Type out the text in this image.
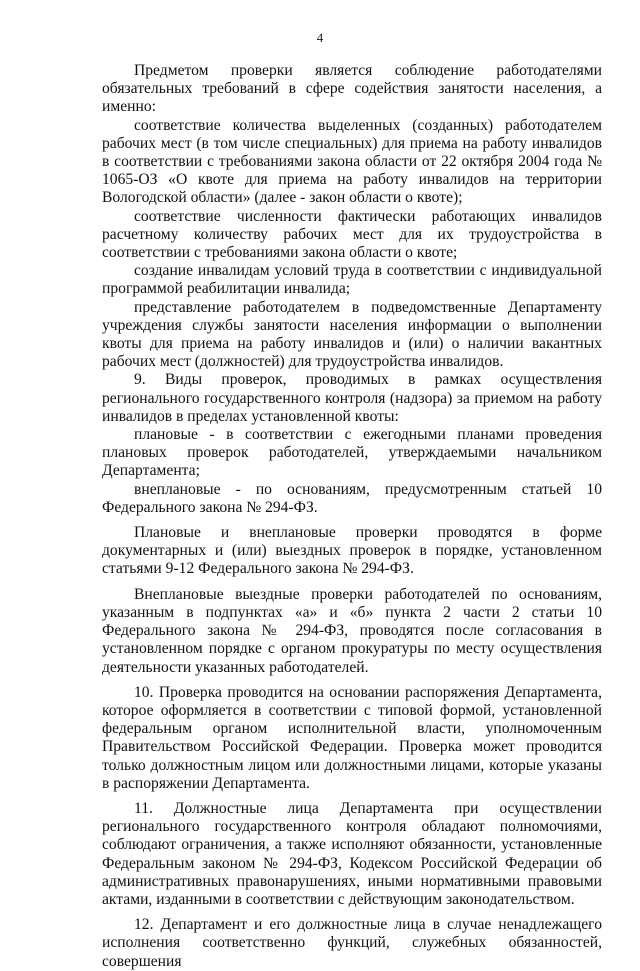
4

Предметом проверки является соблюдение работодателями обязательных требований в сфере содействия занятости населения, а именно:

соответствие количества выделенных (созданных) работодателем рабочих мест (в том числе специальных) для приема на работу инвалидов в соответствии с требованиями закона области от 22 октября 2004 года № 1065-ОЗ «О квоте для приема на работу инвалидов на территории Вологодской области» (далее - закон области о квоте);

соответствие численности фактически работающих инвалидов расчетному количеству рабочих мест для их трудоустройства в соответствии с требованиями закона области о квоте;

создание инвалидам условий труда в соответствии с индивидуальной программой реабилитации инвалида;

представление работодателем в подведомственные Департаменту учреждения службы занятости населения информации о выполнении квоты для приема на работу инвалидов и (или) о наличии вакантных рабочих мест (должностей) для трудоустройства инвалидов.

9. Виды проверок, проводимых в рамках осуществления регионального государственного контроля (надзора) за приемом на работу инвалидов в пределах установленной квоты:

плановые - в соответствии с ежегодными планами проведения плановых проверок работодателей, утверждаемыми начальником Департамента;

внеплановые - по основаниям, предусмотренным статьей 10 Федерального закона № 294-ФЗ.

Плановые и внеплановые проверки проводятся в форме документарных и (или) выездных проверок в порядке, установленном статьями 9-12 Федерального закона № 294-ФЗ.

Внеплановые выездные проверки работодателей по основаниям, указанным в подпунктах «а» и «б» пункта 2 части 2 статьи 10 Федерального закона № 294-ФЗ, проводятся после согласования в установленном порядке с органом прокуратуры по месту осуществления деятельности указанных работодателей.

10. Проверка проводится на основании распоряжения Департамента, которое оформляется в соответствии с типовой формой, установленной федеральным органом исполнительной власти, уполномоченным Правительством Российской Федерации. Проверка может проводится только должностным лицом или должностными лицами, которые указаны в распоряжении Департамента.

11. Должностные лица Департамента при осуществлении регионального государственного контроля обладают полномочиями, соблюдают ограничения, а также исполняют обязанности, установленные Федеральным законом № 294-ФЗ, Кодексом Российской Федерации об административных правонарушениях, иными нормативными правовыми актами, изданными в соответствии с действующим законодательством.

12. Департамент и его должностные лица в случае ненадлежащего исполнения соответственно функций, служебных обязанностей, совершения
